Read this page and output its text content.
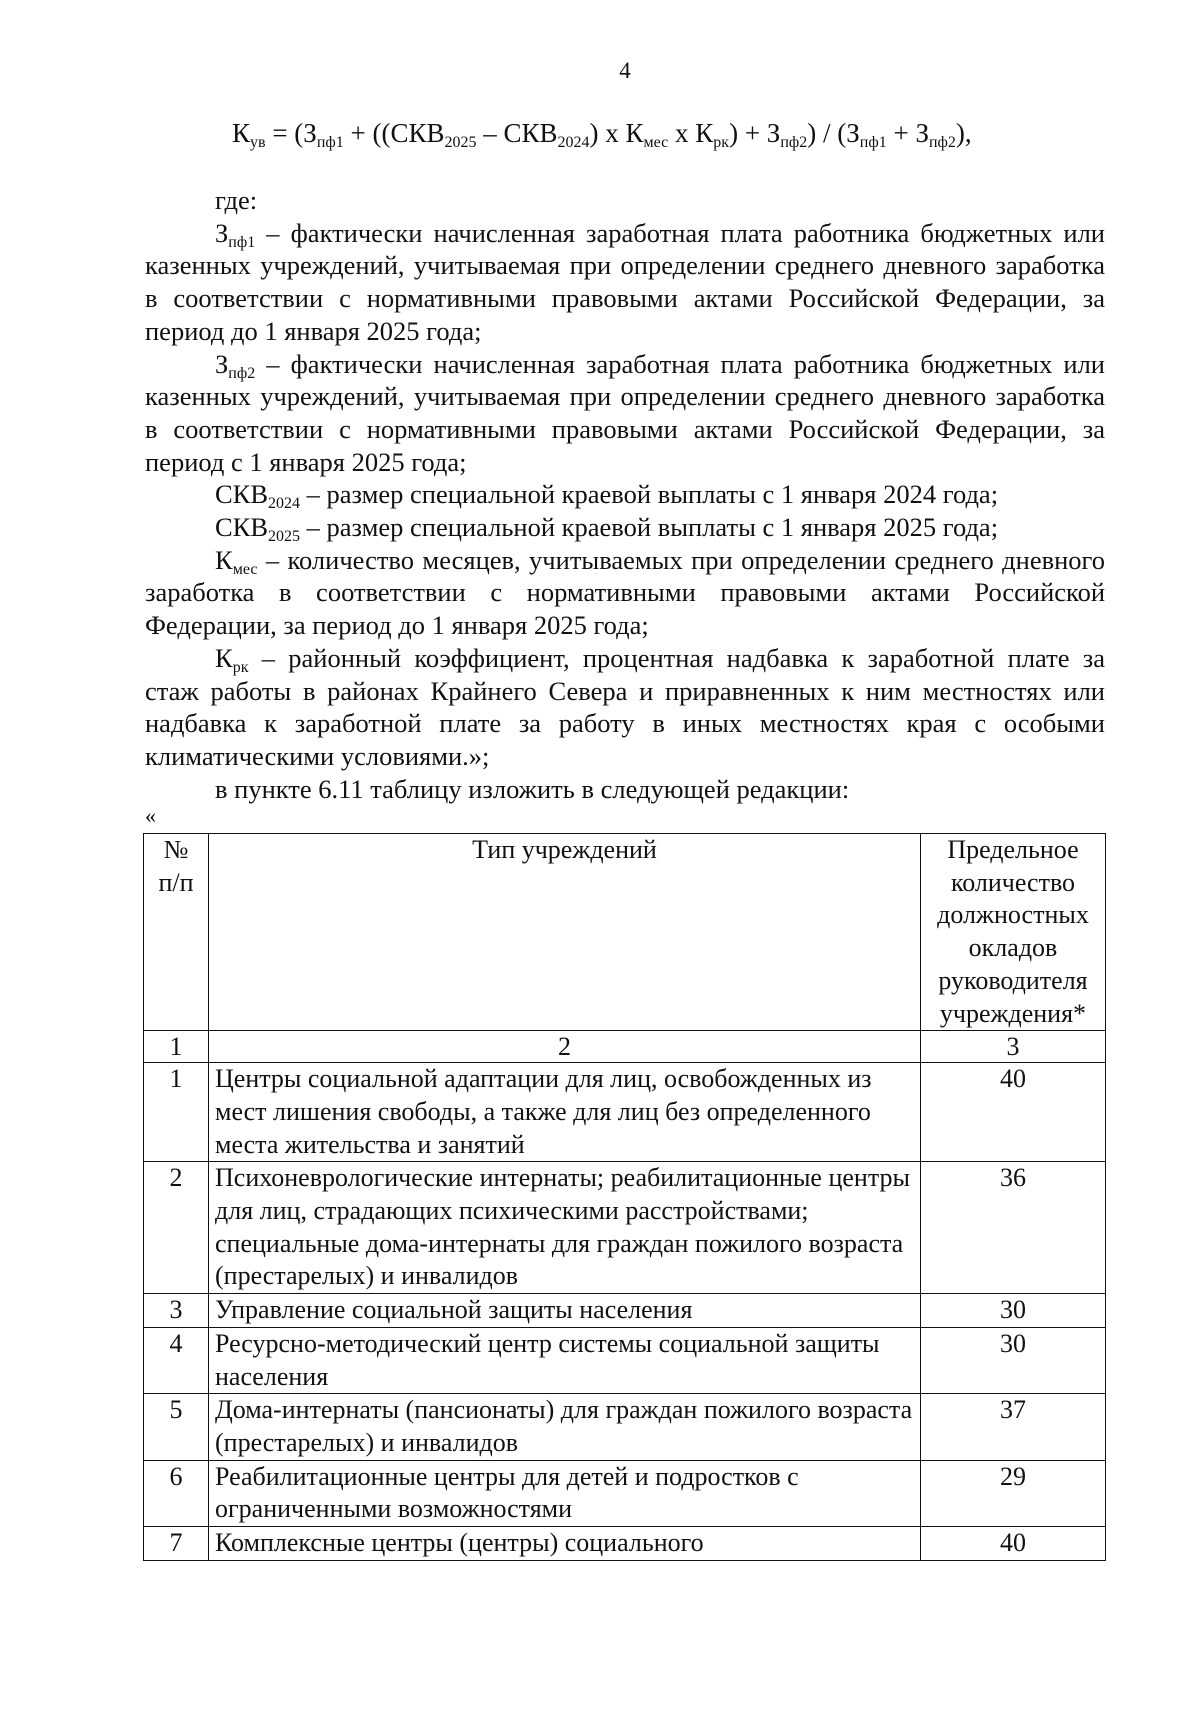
4
$К_{ув} = (З_{пф1} + ((СКВ_{2025} - СКВ_{2024})$ х $К_{мес}$ х $К_{рк}) + З_{пф2}) / (З_{пф1} + З_{пф2})$,

где:

$З_{пф1}$ – фактически начисленная заработная плата работника бюджетных или казенных учреждений, учитываемая при определении среднего дневного заработка в соответствии с нормативными правовыми актами Российской Федерации, за период до 1 января 2025 года;

$З_{пф2}$ – фактически начисленная заработная плата работника бюджетных или казенных учреждений, учитываемая при определении среднего дневного заработка в соответствии с нормативными правовыми актами Российской Федерации, за период с 1 января 2025 года;

$СКВ_{2024}$ – размер специальной краевой выплаты с 1 января 2024 года;

$СКВ_{2025}$ – размер специальной краевой выплаты с 1 января 2025 года;

$К_{мес}$ – количество месяцев, учитываемых при определении среднего дневного заработка в соответствии с нормативными правовыми актами Российской Федерации, за период до 1 января 2025 года;

$К_{рк}$ – районный коэффициент, процентная надбавка к заработной плате за стаж работы в районах Крайнего Севера и приравненных к ним местностях или надбавка к заработной плате за работу в иных местностях края с особыми климатическими условиями.»;

в пункте 6.11 таблицу изложить в следующей редакции:

«
№ п/п	Тип учреждений	Предельное количество должностных окладов руководителя учреждения*
1	2	3
1	Центры социальной адаптации для лиц, освобожденных из мест лишения свободы, а также для лиц без определенного места жительства и занятий	40
2	Психоневрологические интернаты; реабилитационные центры для лиц, страдающих психическими расстройствами; специальные дома-интернаты для граждан пожилого возраста (престарелых) и инвалидов	36
3	Управление социальной защиты населения	30
4	Ресурсно-методический центр системы социальной защиты населения	30
5	Дома-интернаты (пансионаты) для граждан пожилого возраста (престарелых) и инвалидов	37
6	Реабилитационные центры для детей и подростков с ограниченными возможностями	29
7	Комплексные центры (центры) социального	40
